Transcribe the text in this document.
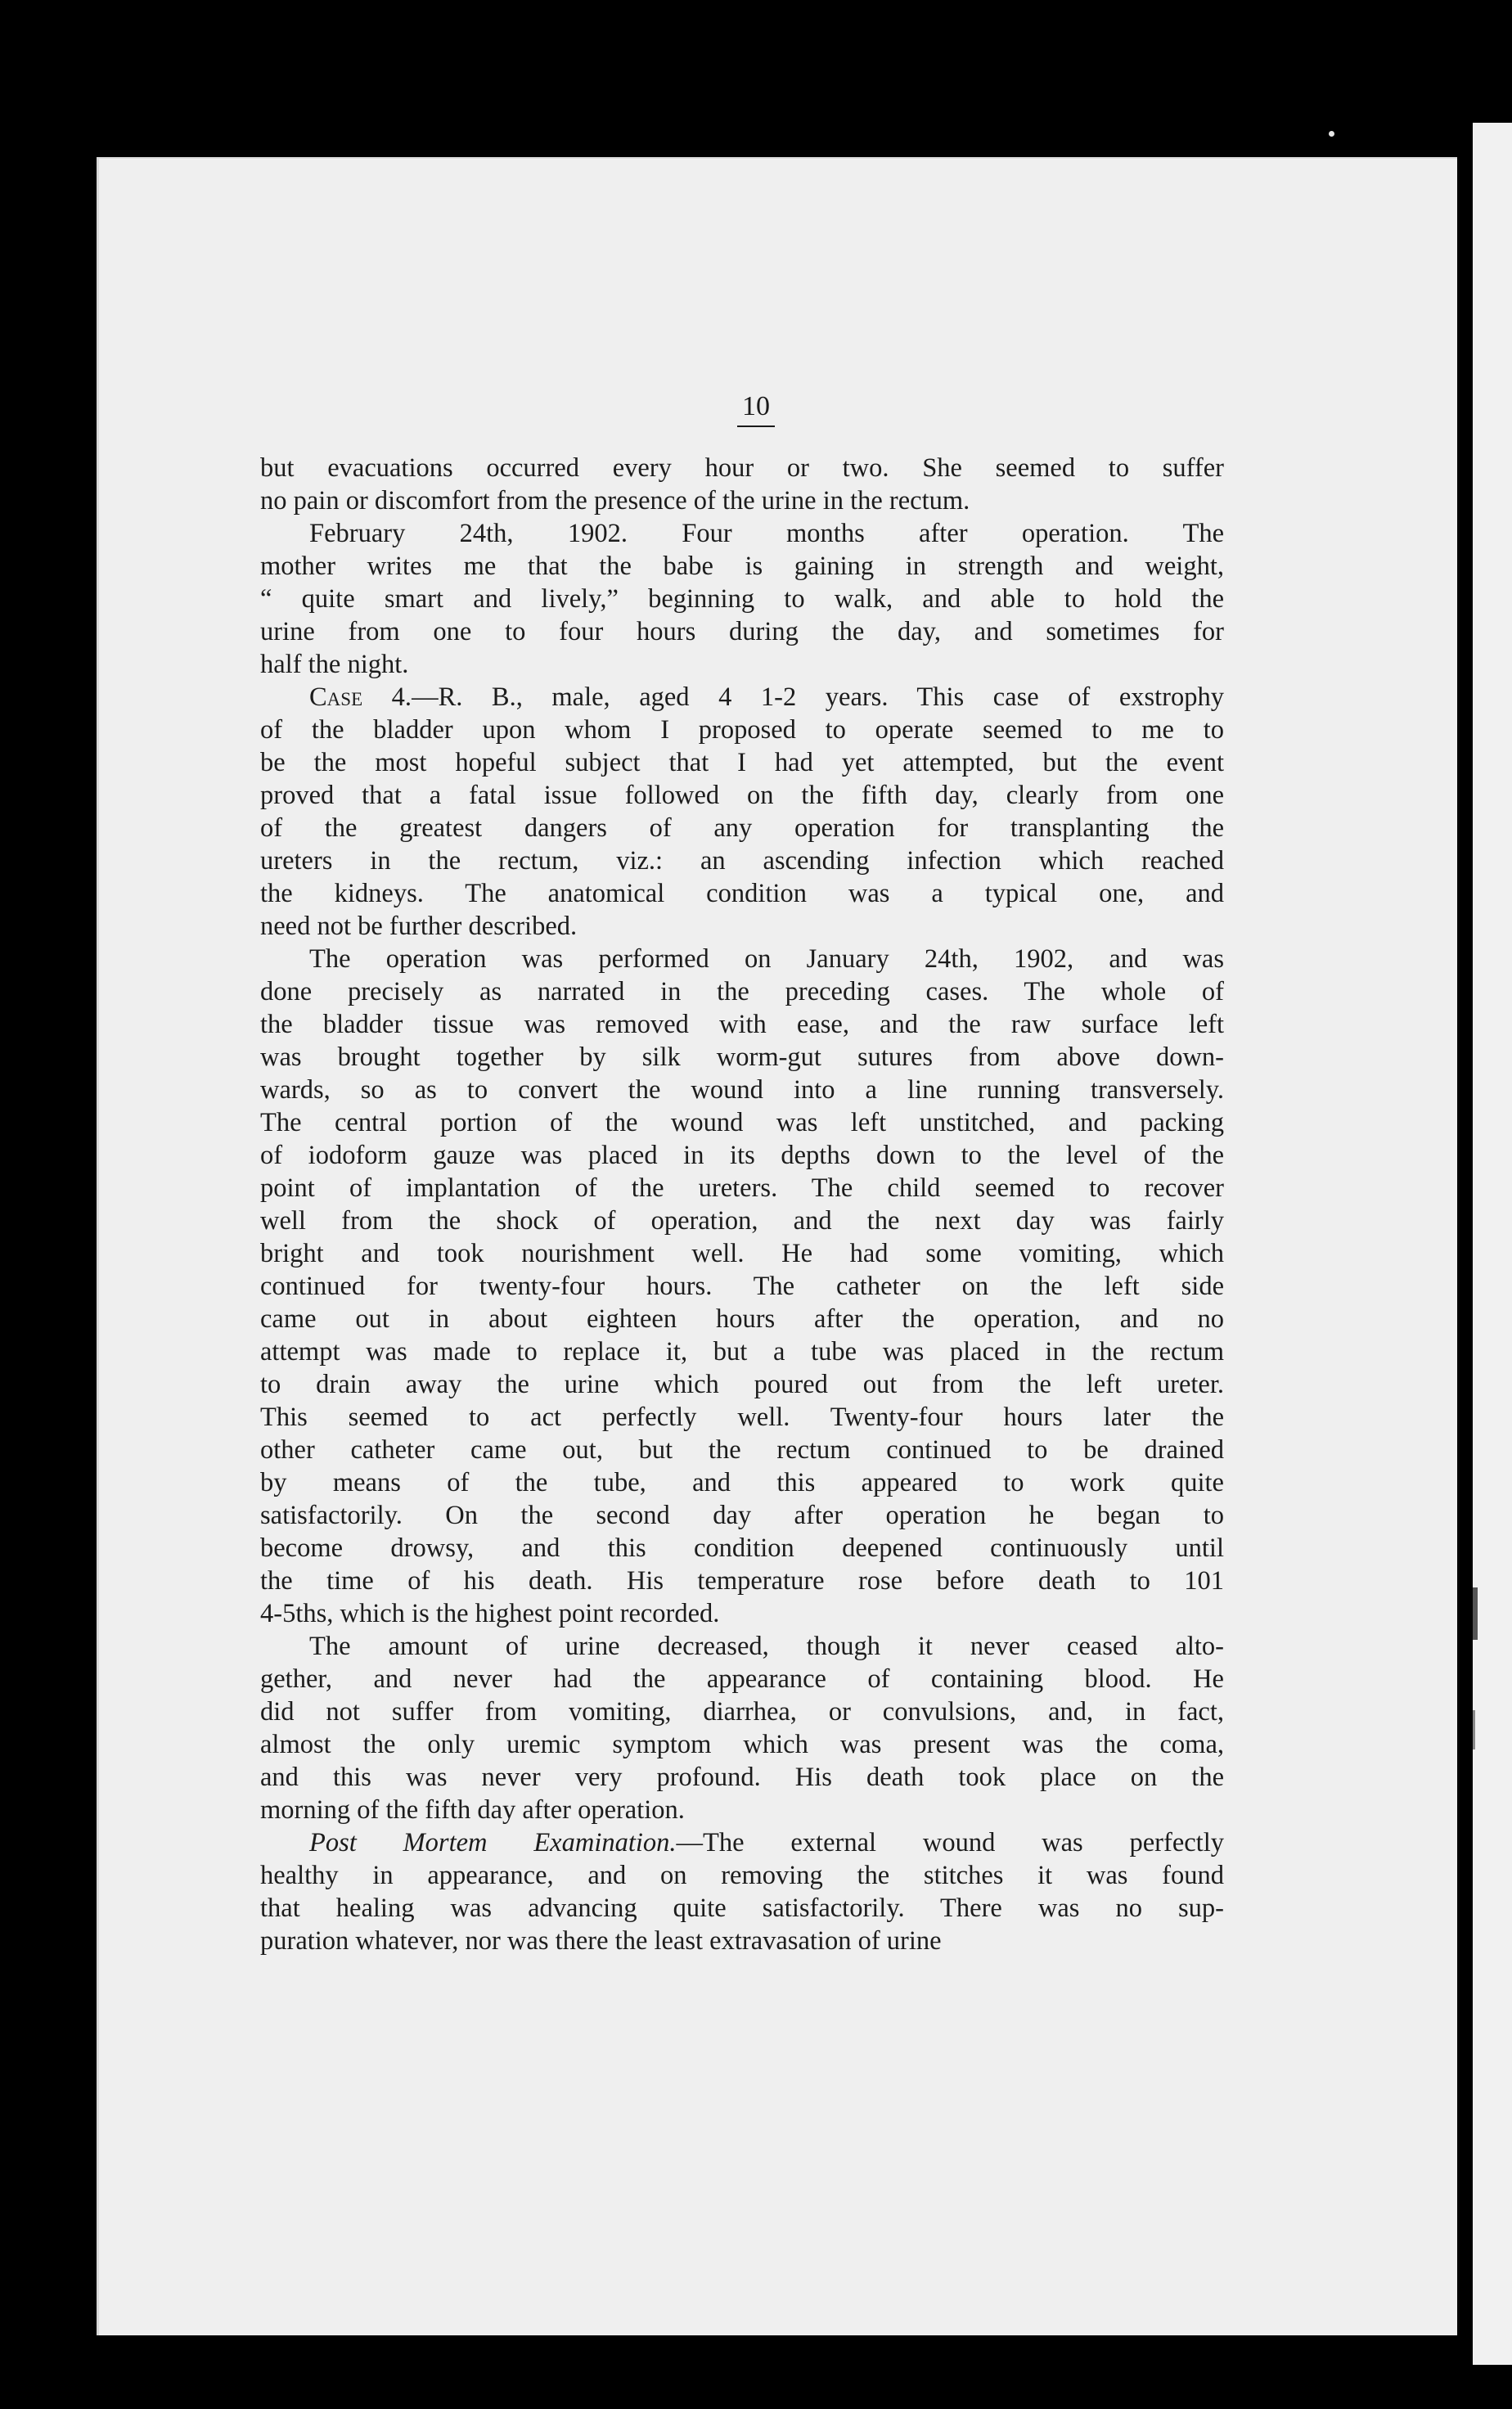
10

but evacuations occurred every hour or two. She seemed to suffer
no pain or discomfort from the presence of the urine in the rectum.

February 24th, 1902. Four months after operation. The
mother writes me that the babe is gaining in strength and weight,
“ quite smart and lively,” beginning to walk, and able to hold the
urine from one to four hours during the day, and sometimes for
half the night.

Case 4.—R. B., male, aged 4 1-2 years. This case of exstrophy
of the bladder upon whom I proposed to operate seemed to me to
be the most hopeful subject that I had yet attempted, but the event
proved that a fatal issue followed on the fifth day, clearly from one
of the greatest dangers of any operation for transplanting the
ureters in the rectum, viz.: an ascending infection which reached
the kidneys. The anatomical condition was a typical one, and
need not be further described.

The operation was performed on January 24th, 1902, and was
done precisely as narrated in the preceding cases. The whole of
the bladder tissue was removed with ease, and the raw surface left
was brought together by silk worm-gut sutures from above down-
wards, so as to convert the wound into a line running transversely.
The central portion of the wound was left unstitched, and packing
of iodoform gauze was placed in its depths down to the level of the
point of implantation of the ureters. The child seemed to recover
well from the shock of operation, and the next day was fairly
bright and took nourishment well. He had some vomiting, which
continued for twenty-four hours. The catheter on the left side
came out in about eighteen hours after the operation, and no
attempt was made to replace it, but a tube was placed in the rectum
to drain away the urine which poured out from the left ureter.
This seemed to act perfectly well. Twenty-four hours later the
other catheter came out, but the rectum continued to be drained
by means of the tube, and this appeared to work quite
satisfactorily. On the second day after operation he began to
become drowsy, and this condition deepened continuously until
the time of his death. His temperature rose before death to 101
4-5ths, which is the highest point recorded.

The amount of urine decreased, though it never ceased alto-
gether, and never had the appearance of containing blood. He
did not suffer from vomiting, diarrhea, or convulsions, and, in fact,
almost the only uremic symptom which was present was the coma,
and this was never very profound. His death took place on the
morning of the fifth day after operation.

Post Mortem Examination.—The external wound was perfectly
healthy in appearance, and on removing the stitches it was found
that healing was advancing quite satisfactorily. There was no sup-
puration whatever, nor was there the least extravasation of urine
